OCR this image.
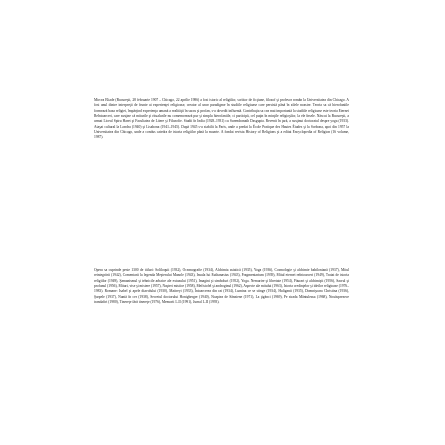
Mircea Eliade (Bucureşti, 28 februarie 1907 – Chicago, 22 aprilie 1986) a fost istoric al religiilor, scriitor de ficţiune, filozof şi profesor român la Universitatea din Chicago. A fost unul dintre interpreţii de frunte ai experienţei religioase, creator al unor paradigme în studiile religioase care persistă până în zilele noastre. Teoria sa că hierofaniile formează baza religiei, împărţind experienţa umană a realităţii în sacru şi profan, s-a dovedit influentă. Contribuţia sa cea mai importantă la studiile religioase este teoria Eternei Reîntoarceri, care susţine că miturile şi ritualurile nu comemorează pur şi simplu hierofaniile, ci participă, cel puţin în minţile religioşilor, la ele însele. Născut la Bucureşti, a urmat Liceul Spiru Haret şi Facultatea de Litere şi Filozofie. Studii în India (1928–1931) cu Surendranath Dasgupta. Revenit în ţară, a susţinut doctoratul despre yoga (1933). Ataşat cultural la Londra (1940) şi Lisabona (1941–1945). După 1945 s-a stabilit la Paris, unde a predat la École Pratique des Hautes Études şi la Sorbona, apoi din 1957 la Universitatea din Chicago, unde a condus catedra de istoria religiilor până la moarte. A fondat revista History of Religions şi a editat Encyclopedia of Religion (16 volume, 1987).

Opera sa cuprinde peste 1300 de titluri: Soliloquii (1932), Oceanografie (1934), Alchimia asiatică (1935), Yoga (1936), Cosmologie şi alchimie babiloniană (1937), Mitul reintegrării (1942), Comentarii la legenda Meşterului Manole (1943), Insula lui Euthanasius (1943), Fragmentarium (1939), Mitul eternei reîntoarceri (1949), Tratat de istoria religiilor (1949), Şamanismul şi tehnicile arhaice ale extazului (1951), Imagini şi simboluri (1952), Yoga. Nemurire şi libertate (1954), Făurari şi alchimişti (1956), Sacrul şi profanul (1956), Mituri, vise şi mistere (1957), Naşteri mistice (1958), Mefistofel şi androginul (1962), Aspecte ale mitului (1963), Istoria credinţelor şi ideilor religioase (1976–1983). Romane: Isabel şi apele diavolului (1930), Maitreyi (1933), Întoarcerea din rai (1934), Lumina ce se stinge (1934), Huliganii (1935), Domnişoara Christina (1936), Şarpele (1937), Nuntă în cer (1938), Secretul doctorului Honigberger (1940), Noaptea de Sânziene (1971), La ţigănci (1969), Pe strada Mântuleasa (1968), Nouăsprezece trandafiri (1980), Tinereţe fără tinereţe (1976), Memorii I–II (1991), Jurnal I–II (1993).
